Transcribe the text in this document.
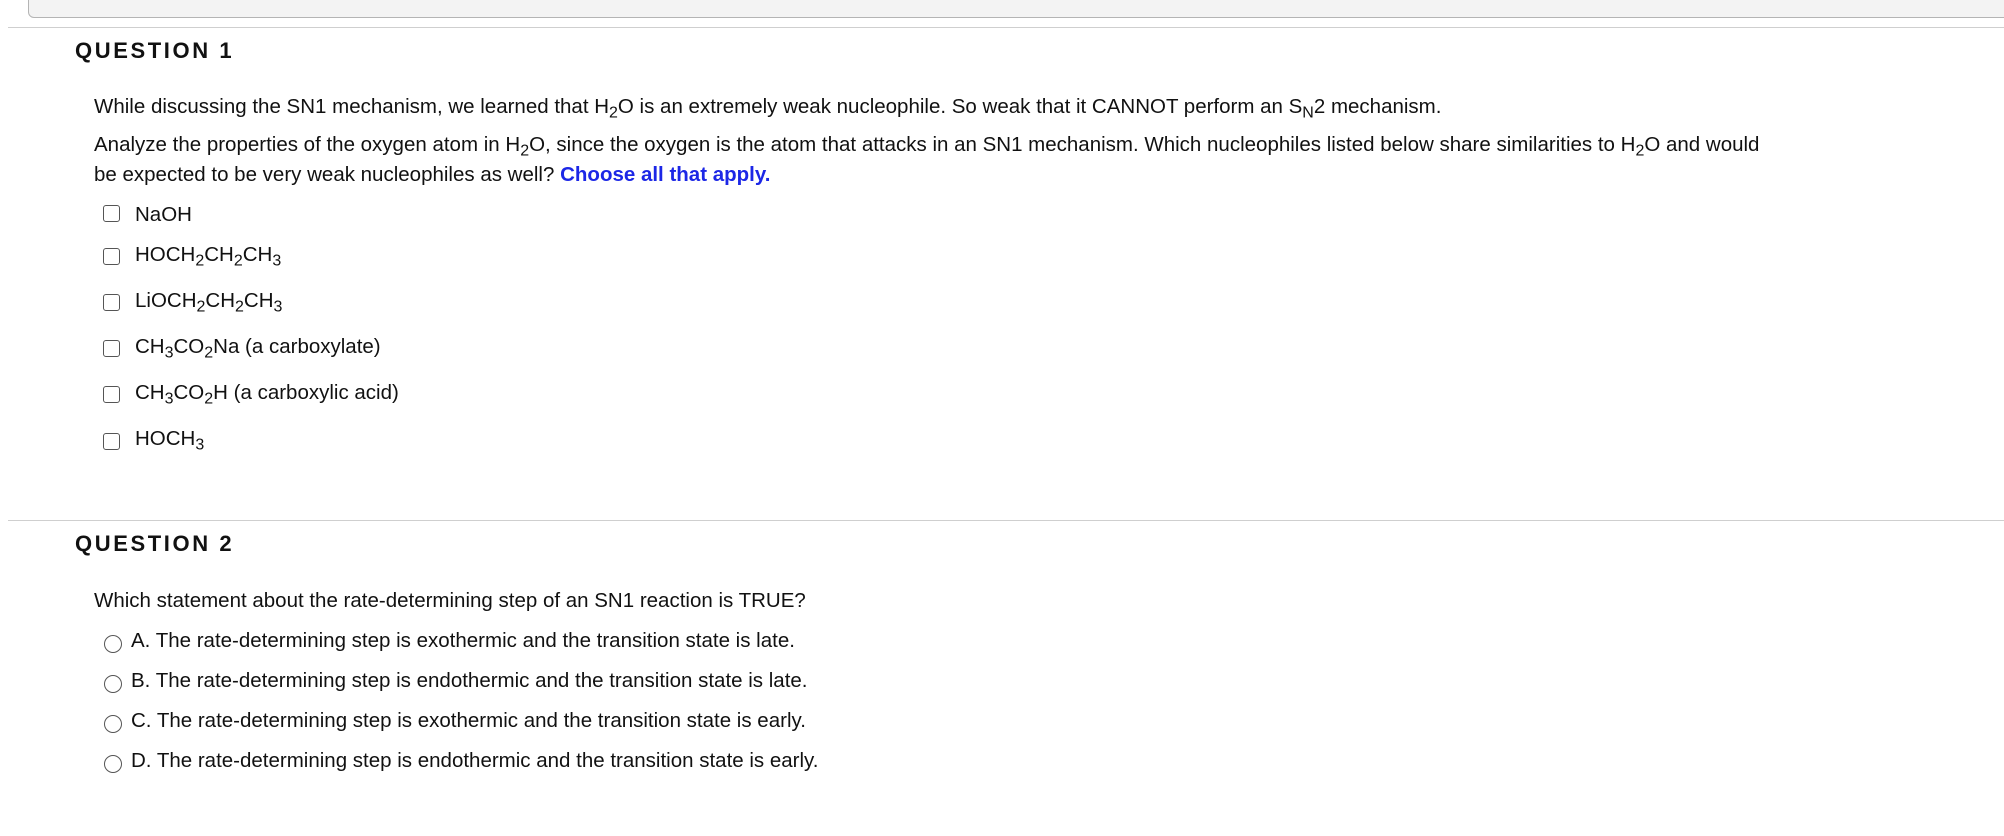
QUESTION 1
While discussing the SN1 mechanism, we learned that $H_2O$ is an extremely weak nucleophile. So weak that it CANNOT perform an $S_N2$ mechanism.
Analyze the properties of the oxygen atom in $H_2O$, since the oxygen is the atom that attacks in an SN1 mechanism. Which nucleophiles listed below share similarities to $H_2O$ and would
be expected to be very weak nucleophiles as well? Choose all that apply.
NaOH
$HOCH_2CH_2CH_3$
$LiOCH_2CH_2CH_3$
$CH_3CO_2Na$ (a carboxylate)
$CH_3CO_2H$ (a carboxylic acid)
$HOCH_3$
QUESTION 2
Which statement about the rate-determining step of an SN1 reaction is TRUE?
A. The rate-determining step is exothermic and the transition state is late.
B. The rate-determining step is endothermic and the transition state is late.
C. The rate-determining step is exothermic and the transition state is early.
D. The rate-determining step is endothermic and the transition state is early.
